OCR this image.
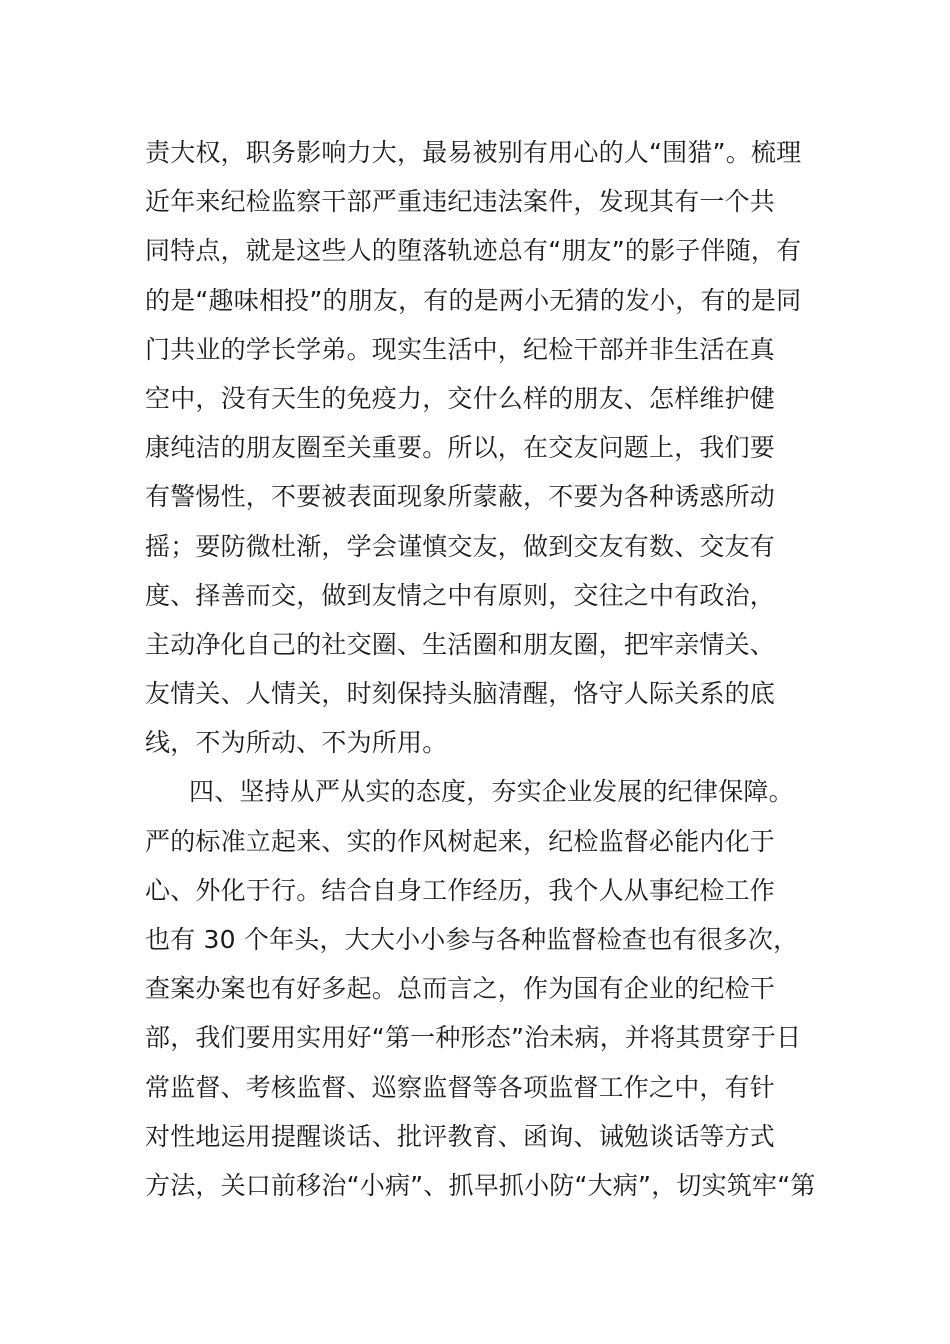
责大权，职务影响力大，最易被别有用心的人“围猎”。梳理
近年来纪检监察干部严重违纪违法案件，发现其有一个共
同特点，就是这些人的堕落轨迹总有“朋友”的影子伴随，有
的是“趣味相投”的朋友，有的是两小无猜的发小，有的是同
门共业的学长学弟。现实生活中，纪检干部并非生活在真
空中，没有天生的免疫力，交什么样的朋友、怎样维护健
康纯洁的朋友圈至关重要。所以，在交友问题上，我们要
有警惕性，不要被表面现象所蒙蔽，不要为各种诱惑所动
摇；要防微杜渐，学会谨慎交友，做到交友有数、交友有
度、择善而交，做到友情之中有原则，交往之中有政治，
主动净化自己的社交圈、生活圈和朋友圈，把牢亲情关、
友情关、人情关，时刻保持头脑清醒，恪守人际关系的底
线，不为所动、不为所用。
四、坚持从严从实的态度，夯实企业发展的纪律保障。
严的标准立起来、实的作风树起来，纪检监督必能内化于
心、外化于行。结合自身工作经历，我个人从事纪检工作
也有 30 个年头，大大小小参与各种监督检查也有很多次，
查案办案也有好多起。总而言之，作为国有企业的纪检干
部，我们要用实用好“第一种形态”治未病，并将其贯穿于日
常监督、考核监督、巡察监督等各项监督工作之中，有针
对性地运用提醒谈话、批评教育、函询、诫勉谈话等方式
方法，关口前移治“小病”、抓早抓小防“大病”，切实筑牢“第
